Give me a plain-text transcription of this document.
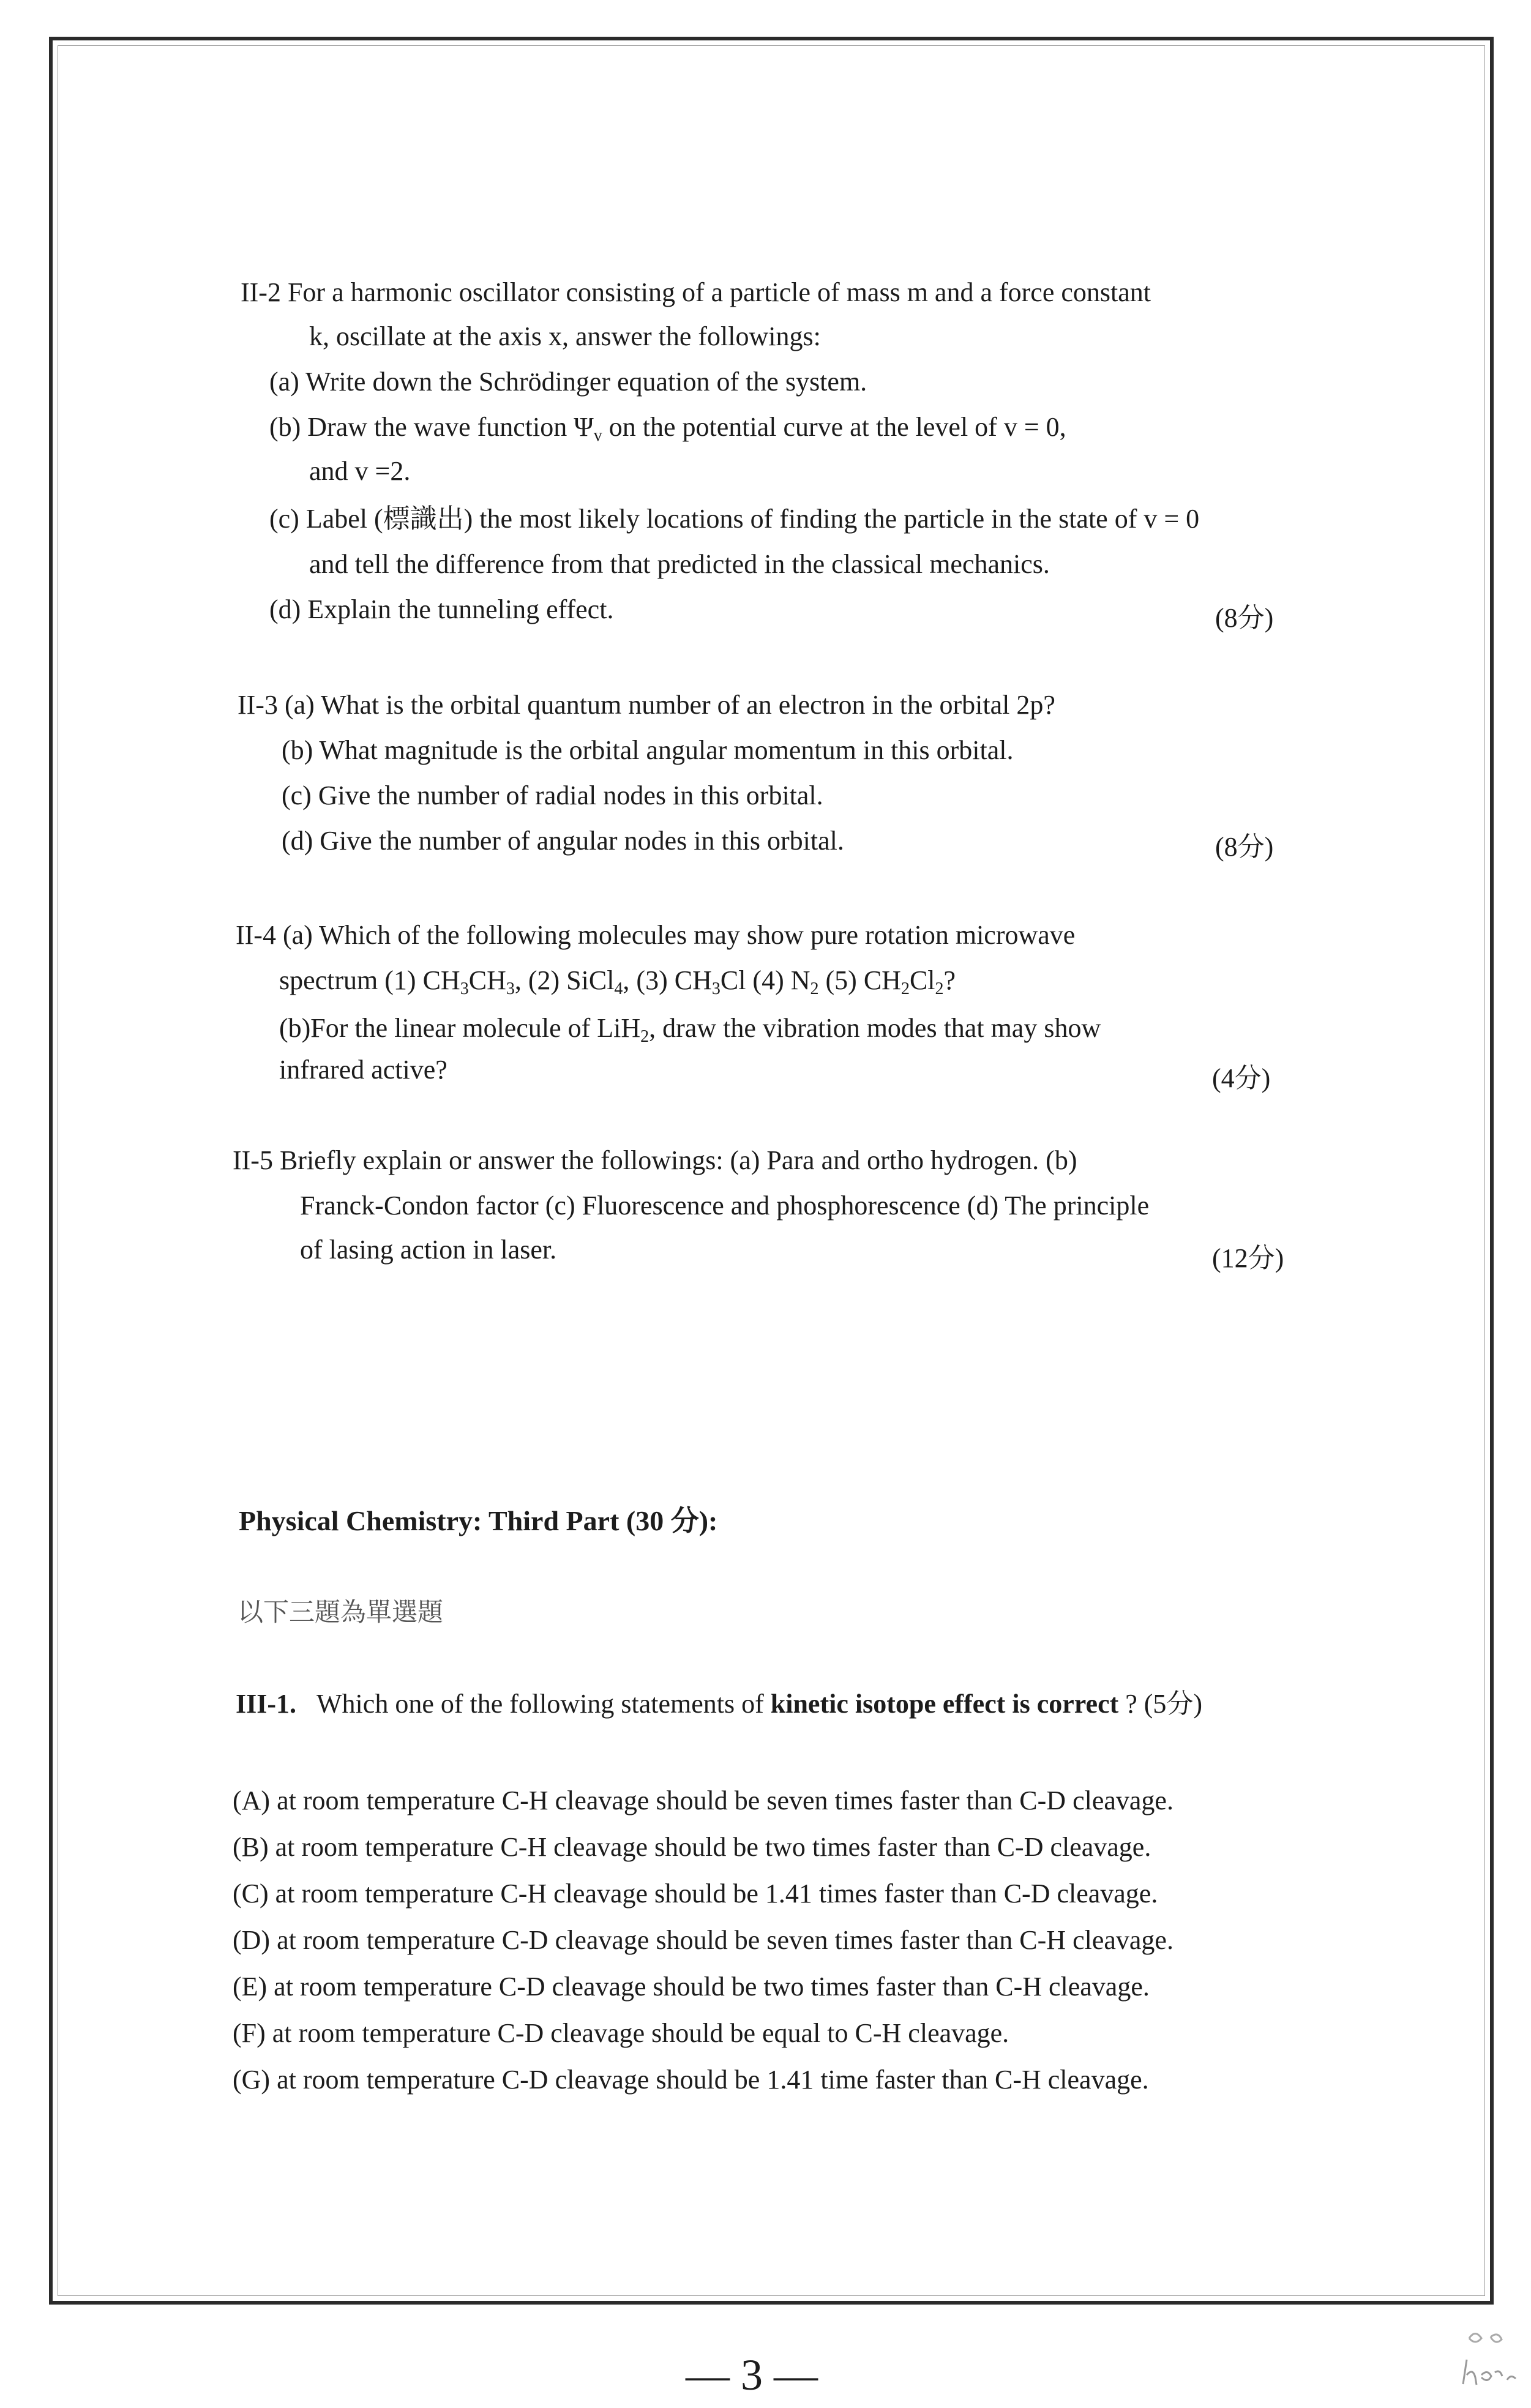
II-2 For a harmonic oscillator consisting of a particle of mass m and a force constant
k, oscillate at the axis x, answer the followings:
(a) Write down the Schrödinger equation of the system.
(b) Draw the wave function $\Psi_v$ on the potential curve at the level of v = 0,
and v =2.
(c) Label (標識出) the most likely locations of finding the particle in the state of v = 0
and tell the difference from that predicted in the classical mechanics.
(d) Explain the tunneling effect.	(8分)
II-3 (a) What is the orbital quantum number of an electron in the orbital 2p?
(b) What magnitude is the orbital angular momentum in this orbital.
(c) Give the number of radial nodes in this orbital.
(d) Give the number of angular nodes in this orbital.	(8分)
II-4 (a) Which of the following molecules may show pure rotation microwave
spectrum (1) $CH_3CH_3$, (2) SiCl$_4$, (3) $CH_3Cl$ (4) $N_2$ (5) $CH_2Cl_2$?
(b)For the linear molecule of LiH$_2$, draw the vibration modes that may show
infrared active?	(4分)
II-5 Briefly explain or answer the followings: (a) Para and ortho hydrogen. (b)
Franck-Condon factor (c) Fluorescence and phosphorescence (d) The principle
of lasing action in laser.	(12分)
Physical Chemistry: Third Part (30 分):
以下三題為單選題
III-1. Which one of the following statements of kinetic isotope effect is correct ? (5分)
(A) at room temperature C-H cleavage should be seven times faster than C-D cleavage.
(B) at room temperature C-H cleavage should be two times faster than C-D cleavage.
(C) at room temperature C-H cleavage should be 1.41 times faster than C-D cleavage.
(D) at room temperature C-D cleavage should be seven times faster than C-H cleavage.
(E) at room temperature C-D cleavage should be two times faster than C-H cleavage.
(F) at room temperature C-D cleavage should be equal to C-H cleavage.
(G) at room temperature C-D cleavage should be 1.41 time faster than C-H cleavage.
— 3 —
